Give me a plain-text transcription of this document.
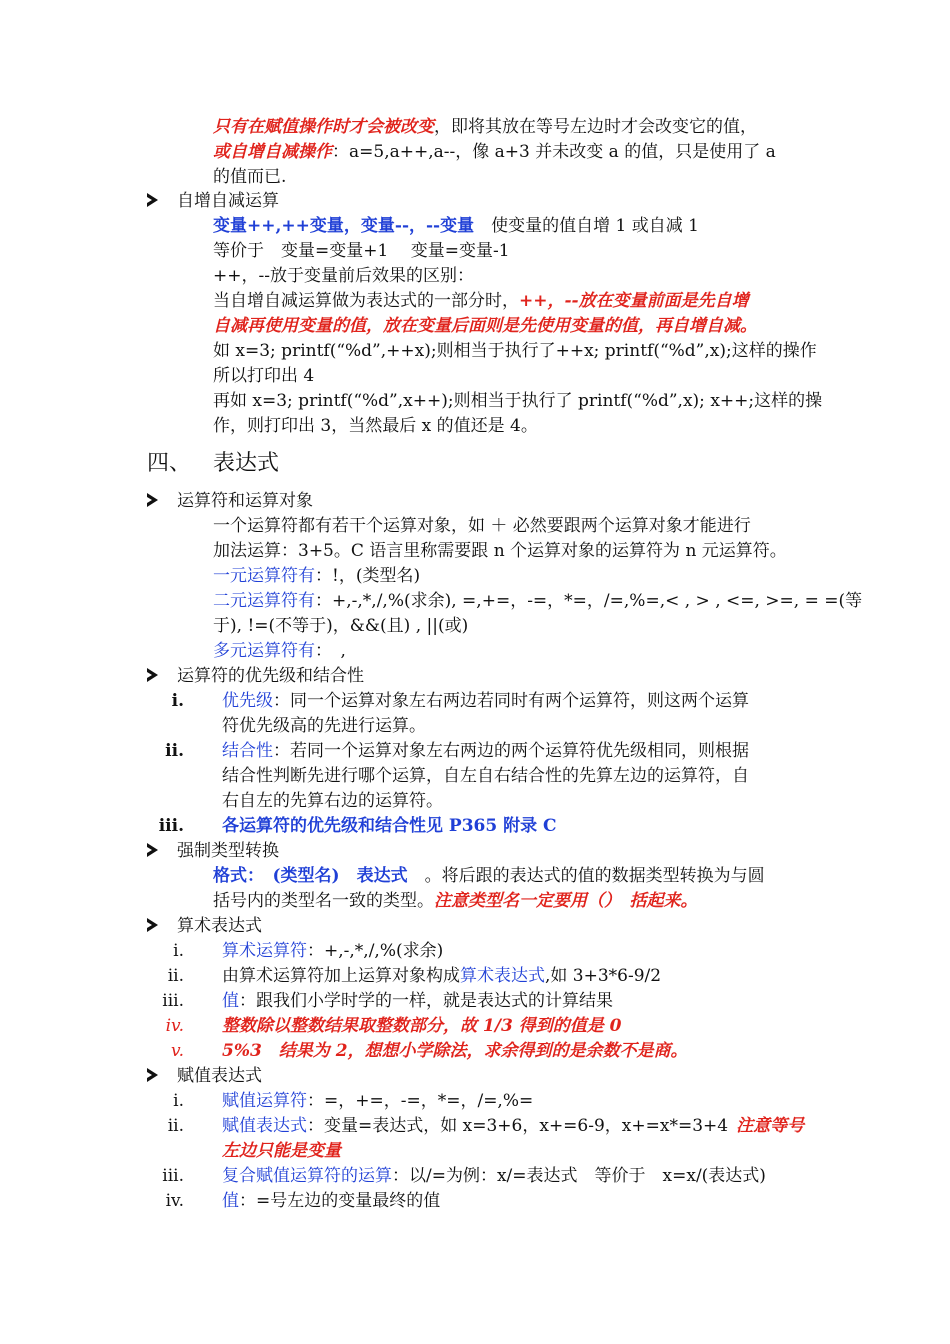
只有在赋值操作时才会被改变，即将其放在等号左边时才会改变它的值，
或自增自减操作：a=5,a++,a--，像 a+3 并未改变 a 的值，只是使用了 a
的值而已.
自增自减运算
变量++,++变量，变量--，--变量　使变量的值自增 1 或自减 1
等价于　变量=变量+1　 变量=变量-1
++，--放于变量前后效果的区别：
当自增自减运算做为表达式的一部分时，++，--放在变量前面是先自增
自减再使用变量的值，放在变量后面则是先使用变量的值，再自增自减。
如 x=3; printf(“%d”,++x);则相当于执行了++x; printf(“%d”,x);这样的操作
所以打印出 4
再如 x=3; printf(“%d”,x++);则相当于执行了 printf(“%d”,x); x++;这样的操
作，则打印出 3，当然最后 x 的值还是 4。
四、 表达式
运算符和运算对象
一个运算符都有若干个运算对象，如 ＋ 必然要跟两个运算对象才能进行
加法运算：3+5。C 语言里称需要跟 n 个运算对象的运算符为 n 元运算符。
一元运算符有：!，(类型名)
二元运算符有：+,-,*,/,%(求余), =,+=，-=，*=，/=,%=,< , > , <=, >=, = =(等
于), !=(不等于)，&&(且) , ||(或)
多元运算符有：　,
运算符的优先级和结合性
i. 优先级：同一个运算对象左右两边若同时有两个运算符，则这两个运算
符优先级高的先进行运算。
ii. 结合性：若同一个运算对象左右两边的两个运算符优先级相同，则根据
结合性判断先进行哪个运算，自左自右结合性的先算左边的运算符，自
右自左的先算右边的运算符。
iii. 各运算符的优先级和结合性见 P365 附录 C
强制类型转换
格式：　(类型名)　表达式　。将后跟的表达式的值的数据类型转换为与圆
括号内的类型名一致的类型。注意类型名一定要用（）　括起来。
算术表达式
i. 算术运算符：+,-,*,/,%(求余)
ii. 由算术运算符加上运算对象构成算术表达式,如 3+3*6-9/2
iii. 值：跟我们小学时学的一样，就是表达式的计算结果
iv. 整数除以整数结果取整数部分，故 1/3 得到的值是 0
v. 5%3　结果为 2，想想小学除法，求余得到的是余数不是商。
赋值表达式
i. 赋值运算符：=，+=，-=，*=，/=,%=
ii. 赋值表达式：变量=表达式，如 x=3+6，x+=6-9，x+=x*=3+4 注意等号
左边只能是变量
iii. 复合赋值运算符的运算：以/=为例：x/=表达式　等价于　x=x/(表达式)
iv. 值：=号左边的变量最终的值
